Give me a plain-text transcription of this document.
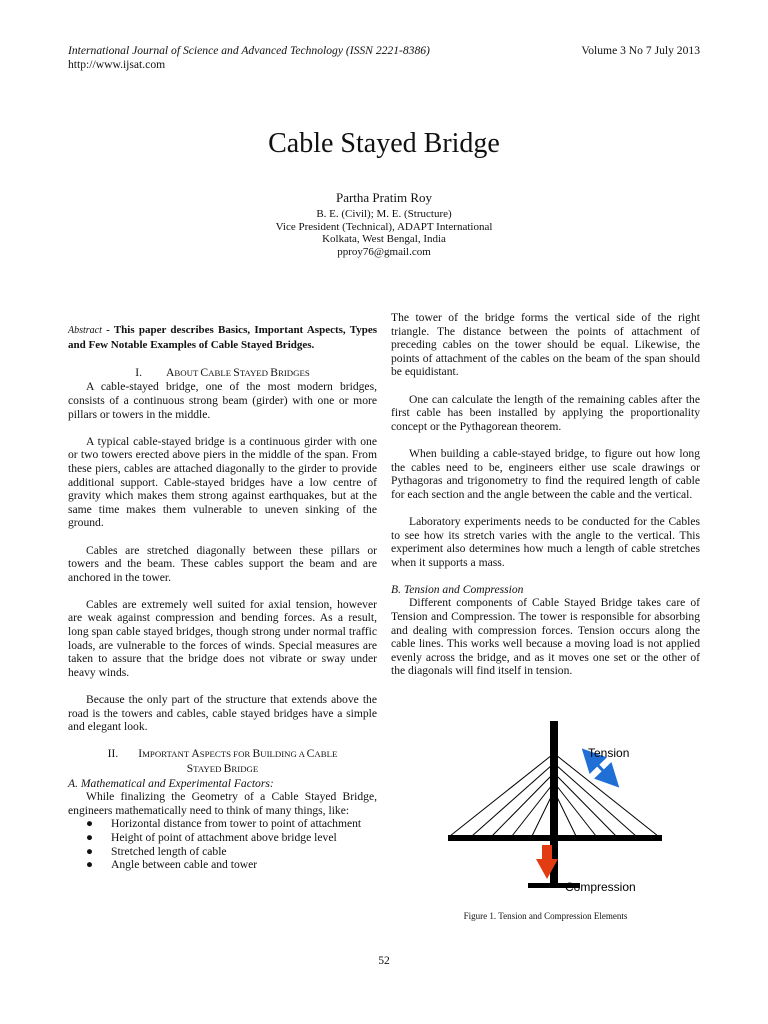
International Journal of Science and Advanced Technology (ISSN 2221-8386)
http://www.ijsat.com
Volume 3 No 7 July 2013
Cable Stayed Bridge
Partha Pratim Roy
B. E. (Civil); M. E. (Structure)
Vice President (Technical), ADAPT International
Kolkata, West Bengal, India
pproy76@gmail.com

Abstract - This paper describes Basics, Important Aspects, Types and Few Notable Examples of Cable Stayed Bridges.

I. ABOUT CABLE STAYED BRIDGES

A cable-stayed bridge, one of the most modern bridges, consists of a continuous strong beam (girder) with one or more pillars or towers in the middle.

A typical cable-stayed bridge is a continuous girder with one or two towers erected above piers in the middle of the span. From these piers, cables are attached diagonally to the girder to provide additional support. Cable-stayed bridges have a low centre of gravity which makes them strong against earthquakes, but at the same time makes them vulnerable to uneven sinking of the ground.

Cables are stretched diagonally between these pillars or towers and the beam. These cables support the beam and are anchored in the tower.

Cables are extremely well suited for axial tension, however are weak against compression and bending forces. As a result, long span cable stayed bridges, though strong under normal traffic loads, are vulnerable to the forces of winds. Special measures are taken to assure that the bridge does not vibrate or sway under heavy winds.

Because the only part of the structure that extends above the road is the towers and cables, cable stayed bridges have a simple and elegant look.

II. IMPORTANT ASPECTS FOR BUILDING A CABLE
STAYED BRIDGE

A. Mathematical and Experimental Factors:

While finalizing the Geometry of a Cable Stayed Bridge, engineers mathematically need to think of many things, like:

● Horizontal distance from tower to point of attachment
● Height of point of attachment above bridge level
● Stretched length of cable
● Angle between cable and tower

The tower of the bridge forms the vertical side of the right triangle. The distance between the points of attachment of preceding cables on the tower should be equal. Likewise, the points of attachment of the cables on the beam of the span should be equidistant.

One can calculate the length of the remaining cables after the first cable has been installed by applying the proportionality concept or the Pythagorean theorem.

When building a cable-stayed bridge, to figure out how long the cables need to be, engineers either use scale drawings or Pythagoras and trigonometry to find the required length of cable for each section and the angle between the cable and the vertical.

Laboratory experiments needs to be conducted for the Cables to see how its stretch varies with the angle to the vertical. This experiment also determines how much a length of cable stretches when it supports a mass.

B. Tension and Compression

Different components of Cable Stayed Bridge takes care of Tension and Compression. The tower is responsible for absorbing and dealing with compression forces. Tension occurs along the cable lines. This works well because a moving load is not applied evenly across the bridge, and as it moves one set or the other of the diagonals will find itself in tension.

Tension
Compression
Figure 1. Tension and Compression Elements
52
